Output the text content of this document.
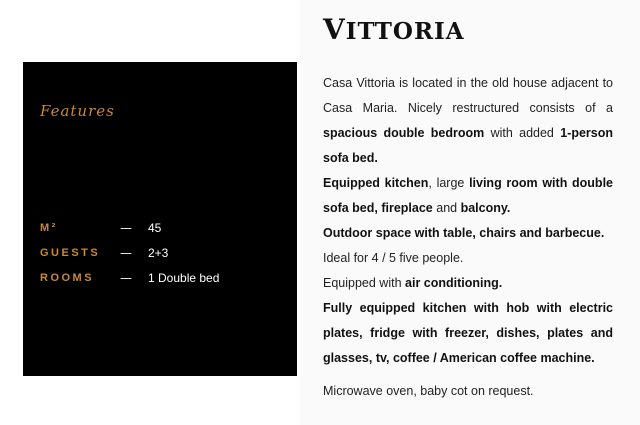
Features
M²	—	45
GUESTS	—	2+3
ROOMS	—	1 Double bed
VITTORIA

Casa Vittoria is located in the old house adjacent to Casa Maria. Nicely restructured consists of a spacious double bedroom with added 1-person sofa bed.

Equipped kitchen, large living room with double sofa bed, fireplace and balcony.

Outdoor space with table, chairs and barbecue.

Ideal for 4 / 5 five people.

Equipped with air conditioning.

Fully equipped kitchen with hob with electric plates, fridge with freezer, dishes, plates and glasses, tv, coffee / American coffee machine.

Microwave oven, baby cot on request.
